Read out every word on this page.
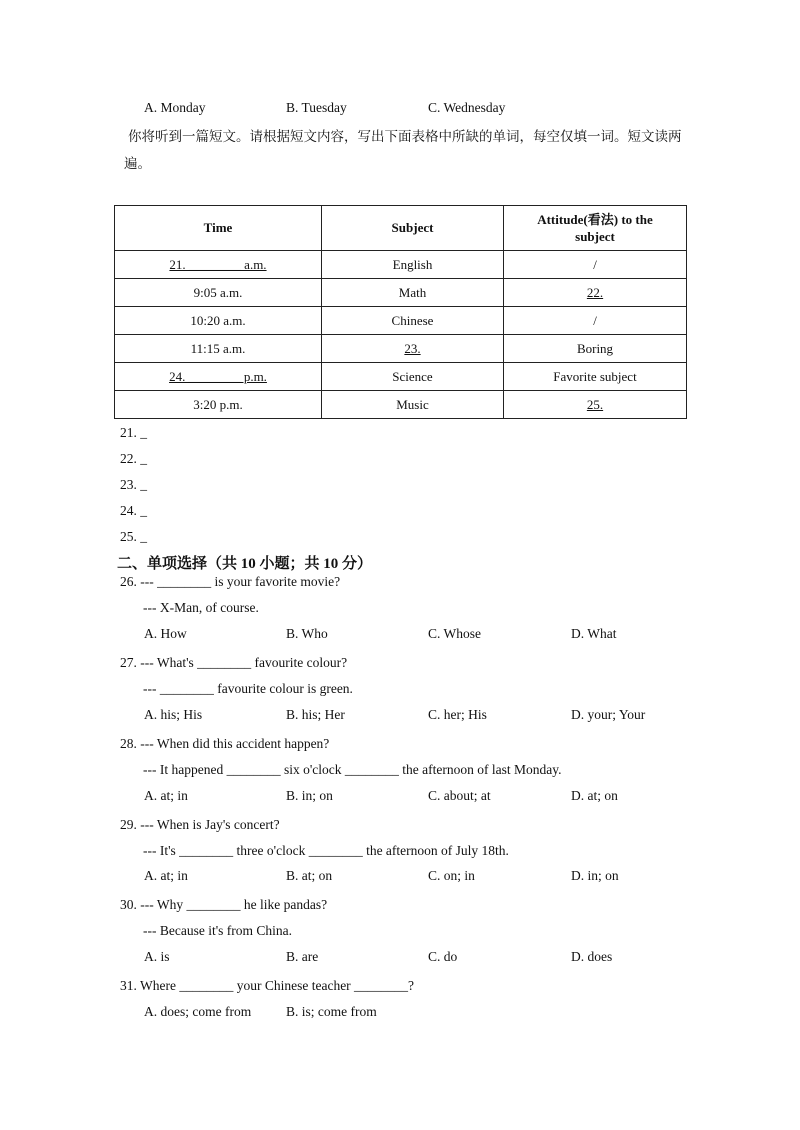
A. Monday	B. Tuesday	C. Wednesday
你将听到一篇短文。请根据短文内容，写出下面表格中所缺的单词，每空仅填一词。短文读两遍。
Time	Subject	Attitude(看法) to the subject
21. ________ a.m.	English	/
9:05 a.m.	Math	22.
10:20 a.m.	Chinese	/
11:15 a.m.	23.	Boring
24. ________ p.m.	Science	Favorite subject
3:20 p.m.	Music	25.
21. _
22. _
23. _
24. _
25. _
二、单项选择（共 10 小题；共 10 分）
26. --- ________ is your favorite movie?
--- X-Man, of course.
A. How	B. Who	C. Whose	D. What
27. --- What's ________ favourite colour?
--- ________ favourite colour is green.
A. his; His	B. his; Her	C. her; His	D. your; Your
28. --- When did this accident happen?
--- It happened ________ six o'clock ________ the afternoon of last Monday.
A. at; in	B. in; on	C. about; at	D. at; on
29. --- When is Jay's concert?
--- It's ________ three o'clock ________ the afternoon of July 18th.
A. at; in	B. at; on	C. on; in	D. in; on
30. --- Why ________ he like pandas?
--- Because it's from China.
A. is	B. are	C. do	D. does
31. Where ________ your Chinese teacher ________?
A. does; come from	B. is; come from
